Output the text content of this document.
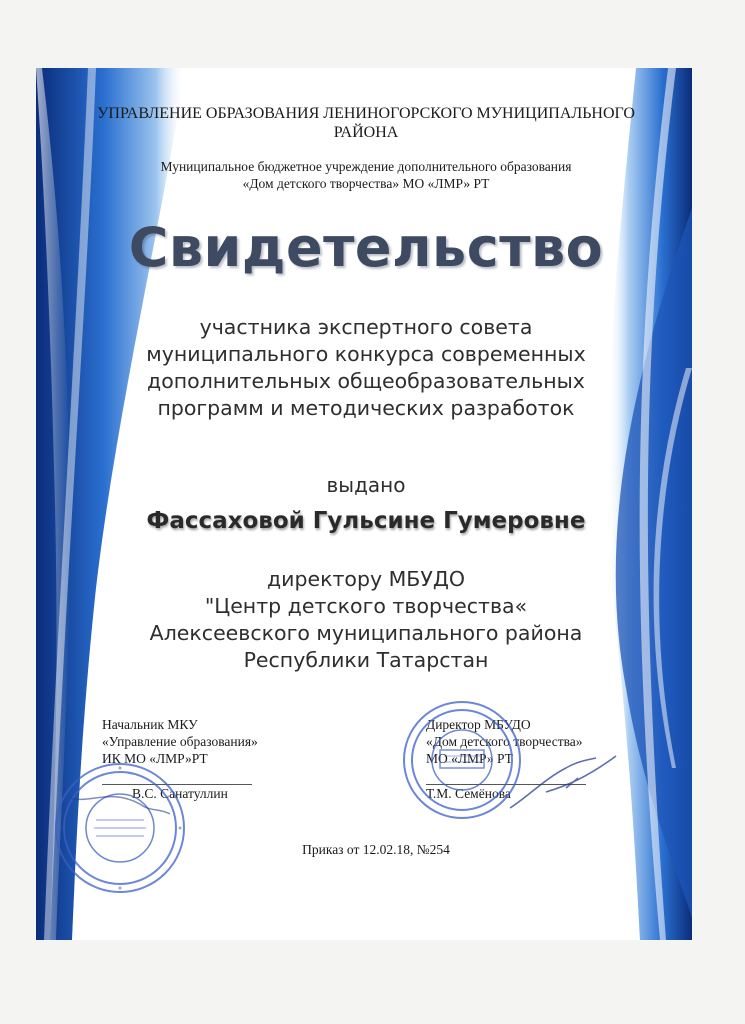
УПРАВЛЕНИЕ ОБРАЗОВАНИЯ ЛЕНИНОГОРСКОГО МУНИЦИПАЛЬНОГО
РАЙОНА
Муниципальное бюджетное учреждение дополнительного образования
«Дом детского творчества» МО «ЛМР» РТ
Свидетельство
участника экспертного совета
муниципального конкурса современных
дополнительных общеобразовательных
программ и методических разработок
выдано
Фассаховой Гульсине Гумеровне
директору МБУДО
"Центр детского творчества«
Алексеевского муниципального района
Республики Татарстан
Начальник МКУ
«Управление образования»
ИК МО «ЛМР»РТ
В.С. Санатуллин
Директор МБУДО
«Дом детского творчества»
МО «ЛМР» РТ
Т.М. Семёнова
Приказ от 12.02.18, №254
